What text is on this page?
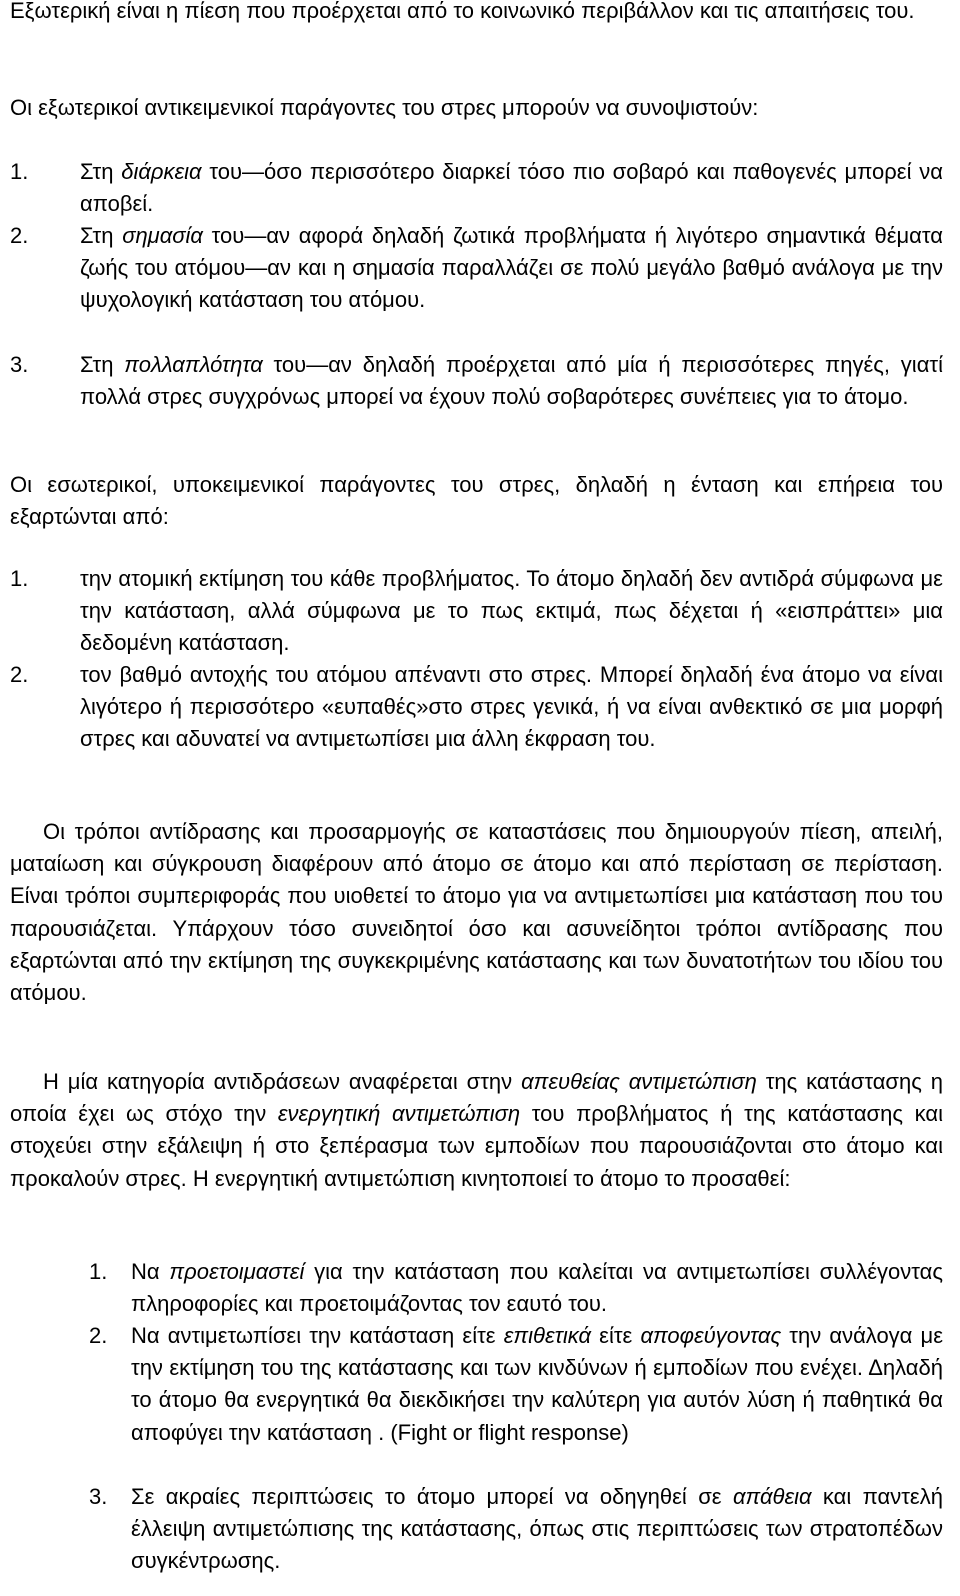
Εξωτερική είναι η πίεση που προέρχεται από το κοινωνικό περιβάλλον και τις απαιτήσεις του.

Οι εξωτερικοί αντικειμενικοί παράγοντες του στρες μπορούν να συνοψιστούν:

1. Στη διάρκεια του—όσο περισσότερο διαρκεί τόσο πιο σοβαρό και παθογενές μπορεί να αποβεί.
2. Στη σημασία του—αν αφορά δηλαδή ζωτικά προβλήματα ή λιγότερο σημαντικά θέματα ζωής του ατόμου—αν και η σημασία παραλλάζει σε πολύ μεγάλο βαθμό ανάλογα με την ψυχολογική κατάσταση του ατόμου.
3. Στη πολλαπλότητα του—αν δηλαδή προέρχεται από μία ή περισσότερες πηγές, γιατί πολλά στρες συγχρόνως μπορεί να έχουν πολύ σοβαρότερες συνέπειες για το άτομο.

Οι εσωτερικοί, υποκειμενικοί παράγοντες του στρες, δηλαδή η ένταση και επήρεια του εξαρτώνται από:

1. την ατομική εκτίμηση του κάθε προβλήματος. Το άτομο δηλαδή δεν αντιδρά σύμφωνα με την κατάσταση, αλλά σύμφωνα με το πως εκτιμά, πως δέχεται ή «εισπράττει» μια δεδομένη κατάσταση.
2. τον βαθμό αντοχής του ατόμου απέναντι στο στρες. Μπορεί δηλαδή ένα άτομο να είναι λιγότερο ή περισσότερο «ευπαθές»στο στρες γενικά, ή να είναι ανθεκτικό σε μια μορφή στρες και αδυνατεί να αντιμετωπίσει μια άλλη έκφραση του.

Οι τρόποι αντίδρασης και προσαρμογής σε καταστάσεις που δημιουργούν πίεση, απειλή, ματαίωση και σύγκρουση διαφέρουν από άτομο σε άτομο και από περίσταση σε περίσταση. Είναι τρόποι συμπεριφοράς που υιοθετεί το άτομο για να αντιμετωπίσει μια κατάσταση που του παρουσιάζεται. Υπάρχουν τόσο συνειδητοί όσο και ασυνείδητοι τρόποι αντίδρασης που εξαρτώνται από την εκτίμηση της συγκεκριμένης κατάστασης και των δυνατοτήτων του ιδίου του ατόμου.

Η μία κατηγορία αντιδράσεων αναφέρεται στην απευθείας αντιμετώπιση της κατάστασης η οποία έχει ως στόχο την ενεργητική αντιμετώπιση του προβλήματος ή της κατάστασης και στοχεύει στην εξάλειψη ή στο ξεπέρασμα των εμποδίων που παρουσιάζονται στο άτομο και προκαλούν στρες. Η ενεργητική αντιμετώπιση κινητοποιεί το άτομο το προσαθεί:

1. Να προετοιμαστεί για την κατάσταση που καλείται να αντιμετωπίσει συλλέγοντας πληροφορίες και προετοιμάζοντας τον εαυτό του.
2. Να αντιμετωπίσει την κατάσταση είτε επιθετικά είτε αποφεύγοντας την ανάλογα με την εκτίμηση του της κατάστασης και των κινδύνων ή εμποδίων που ενέχει. Δηλαδή το άτομο θα ενεργητικά θα διεκδικήσει την καλύτερη για αυτόν λύση ή παθητικά θα αποφύγει την κατάσταση . (Fight or flight response)
3. Σε ακραίες περιπτώσεις το άτομο μπορεί να οδηγηθεί σε απάθεια και παντελή έλλειψη αντιμετώπισης της κατάστασης, όπως στις περιπτώσεις των στρατοπέδων συγκέντρωσης.
